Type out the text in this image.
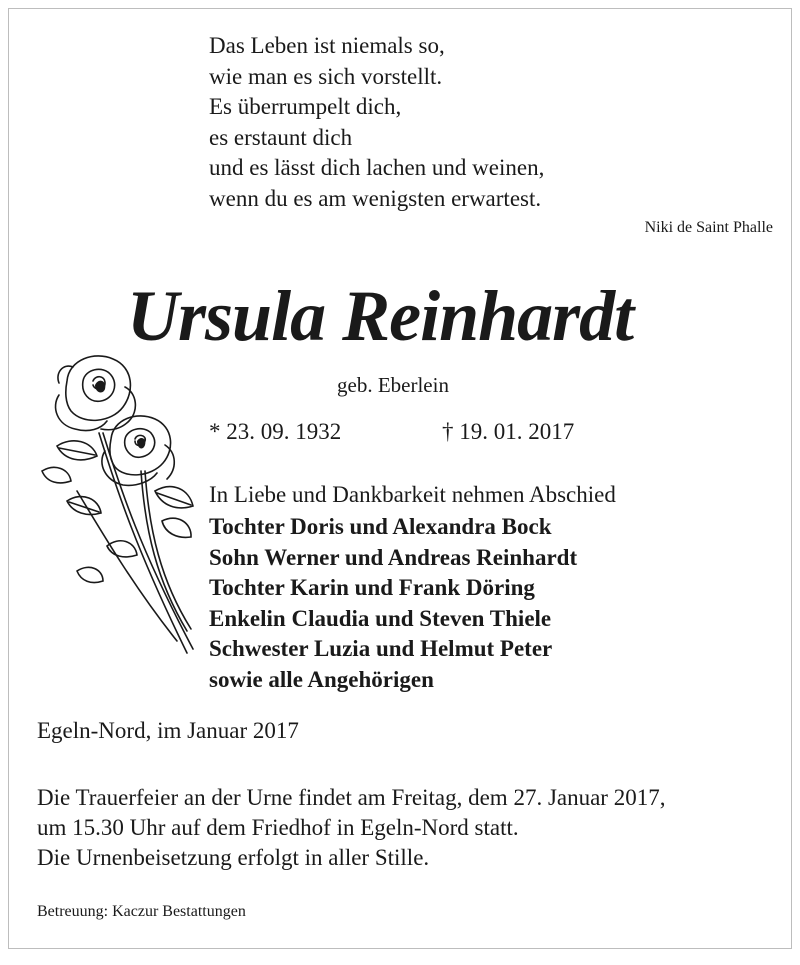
Das Leben ist niemals so,
wie man es sich vorstellt.
Es überrumpelt dich,
es erstaunt dich
und es lässt dich lachen und weinen,
wenn du es am wenigsten erwartest.
Niki de Saint Phalle
Ursula Reinhardt
geb. Eberlein
* 23. 09. 1932	† 19. 01. 2017
In Liebe und Dankbarkeit nehmen Abschied
Tochter Doris und Alexandra Bock
Sohn Werner und Andreas Reinhardt
Tochter Karin und Frank Döring
Enkelin Claudia und Steven Thiele
Schwester Luzia und Helmut Peter
sowie alle Angehörigen
Egeln-Nord, im Januar 2017
Die Trauerfeier an der Urne findet am Freitag, dem 27. Januar 2017,
um 15.30 Uhr auf dem Friedhof in Egeln-Nord statt.
Die Urnenbeisetzung erfolgt in aller Stille.
Betreuung: Kaczur Bestattungen
